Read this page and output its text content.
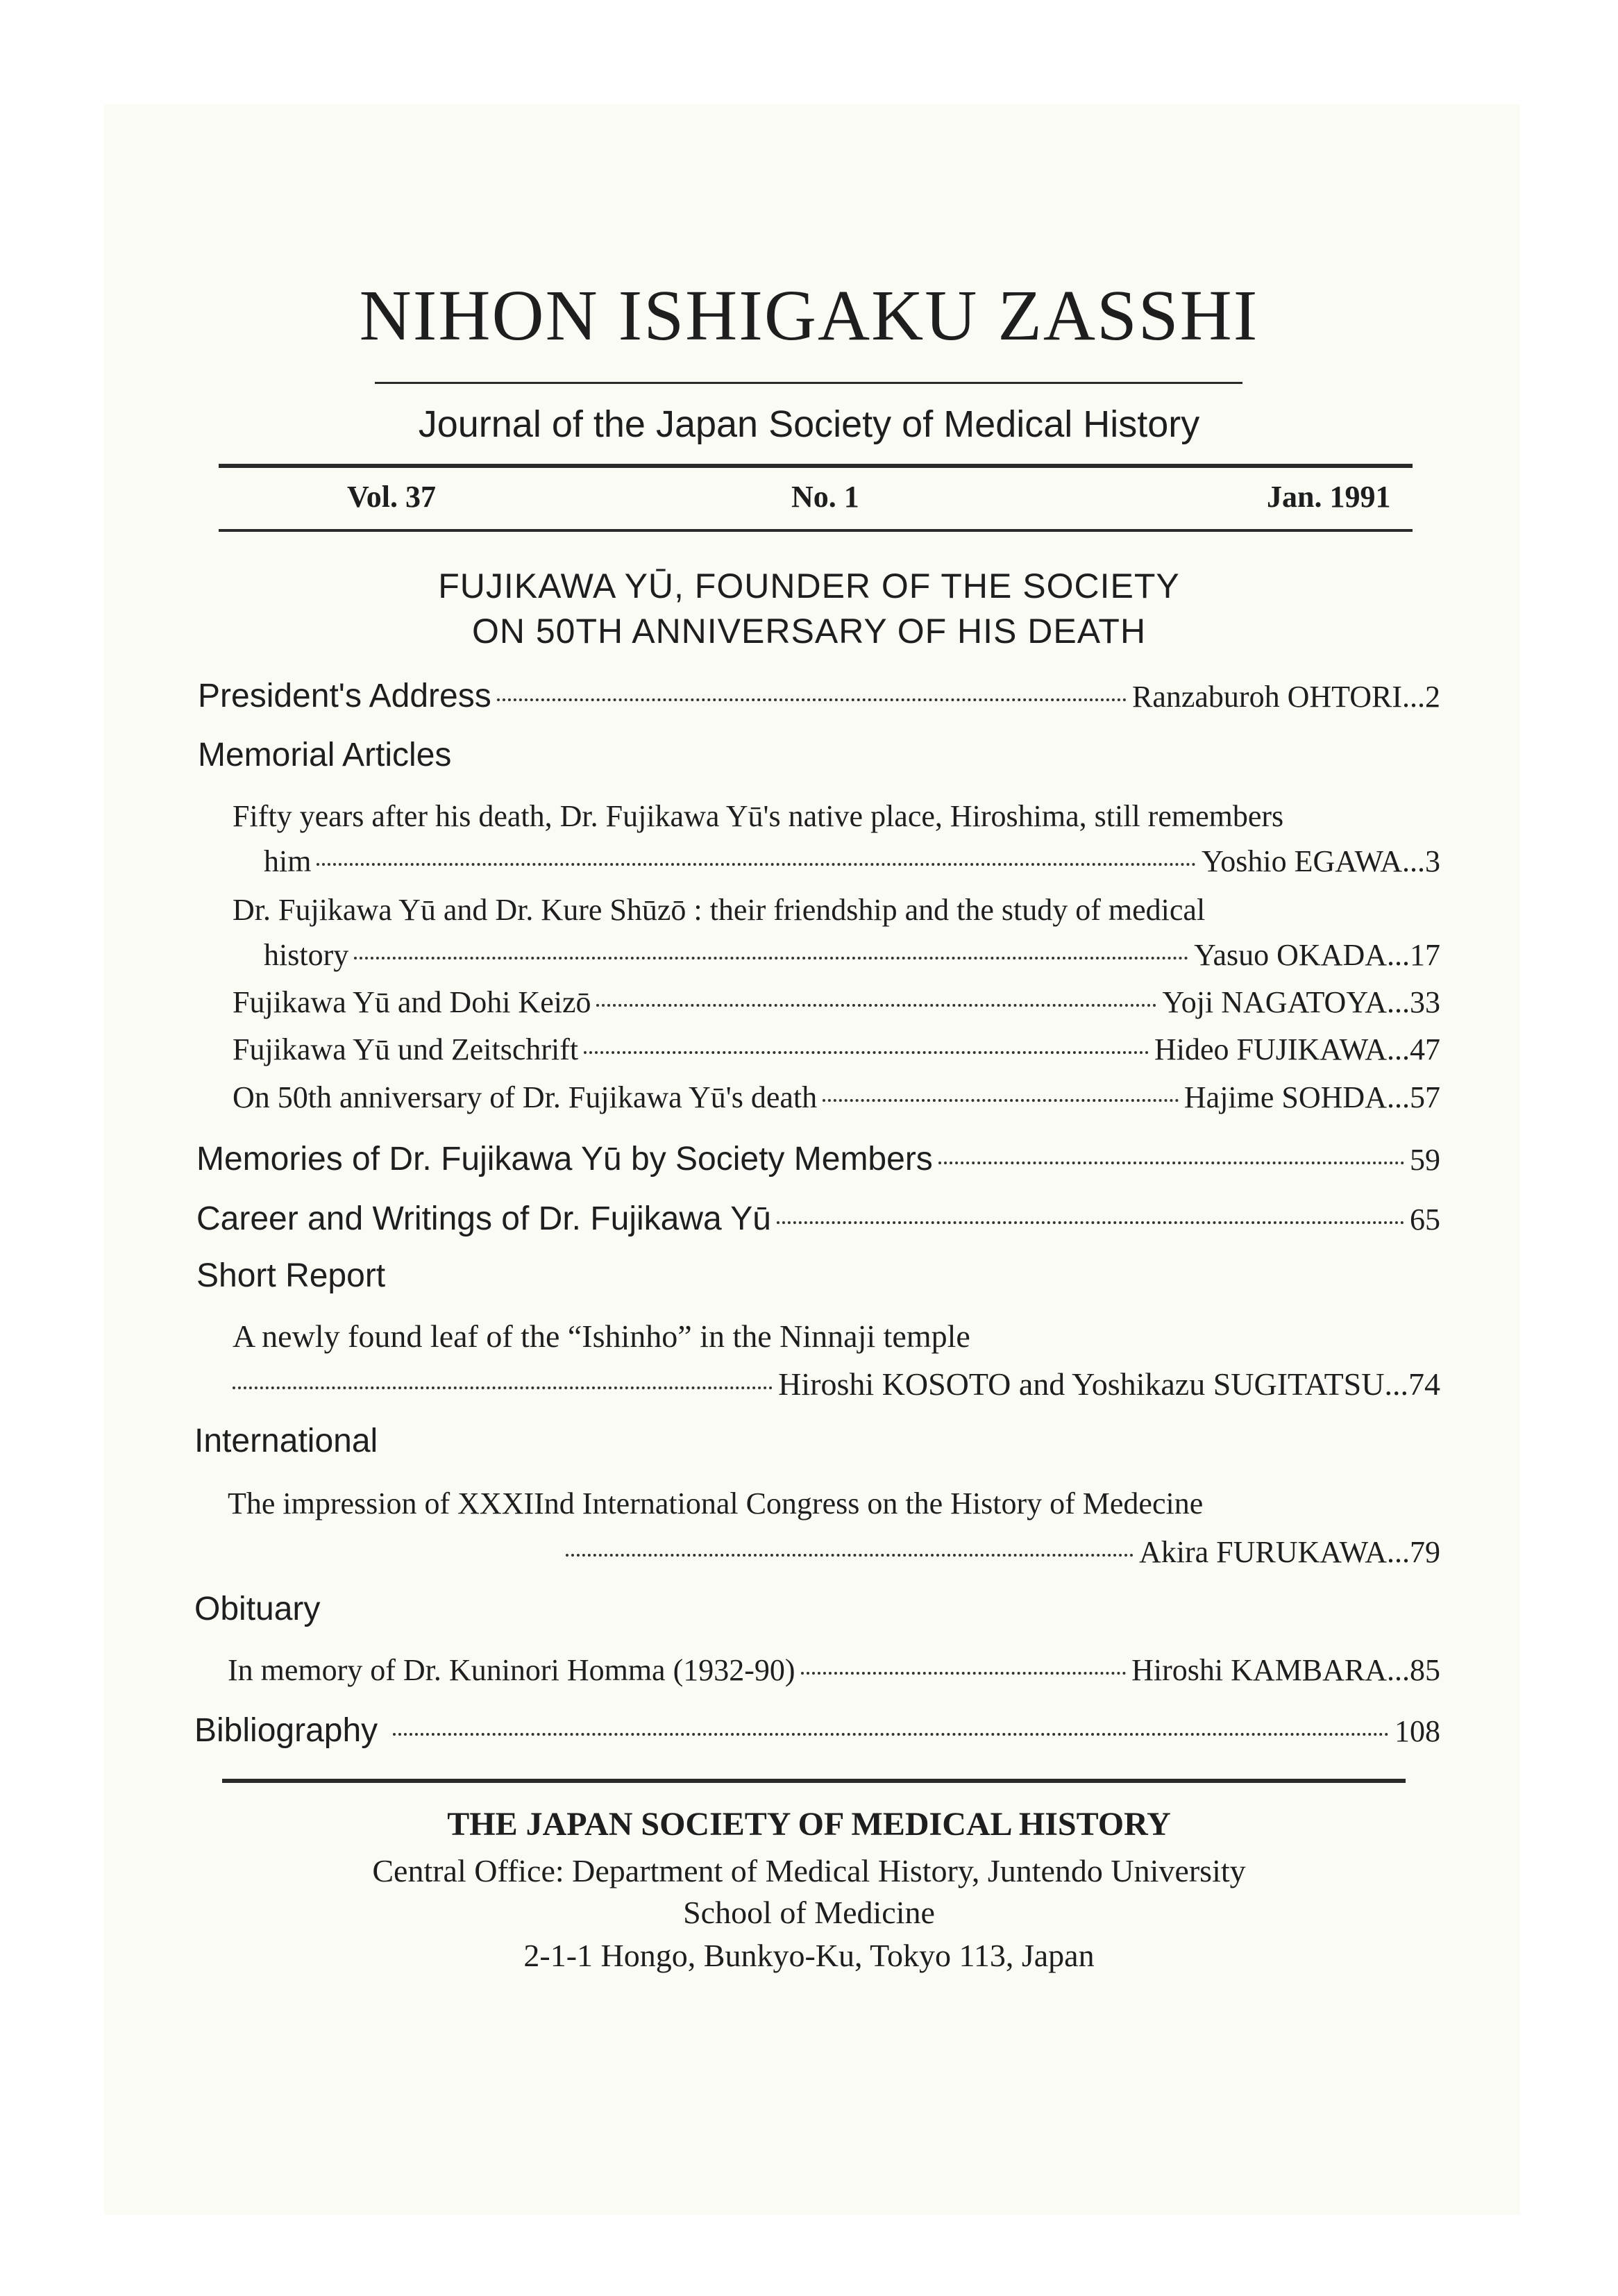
NIHON ISHIGAKU ZASSHI
Journal of the Japan Society of Medical History
Vol. 37	No. 1	Jan. 1991
FUJIKAWA YŪ, FOUNDER OF THE SOCIETY
ON 50TH ANNIVERSARY OF HIS DEATH
President's Address	Ranzaburoh OHTORI...2
Memorial Articles
Fifty years after his death, Dr. Fujikawa Yū's native place, Hiroshima, still remembers
him	Yoshio EGAWA...3
Dr. Fujikawa Yū and Dr. Kure Shūzō : their friendship and the study of medical
history	Yasuo OKADA...17
Fujikawa Yū and Dohi Keizō	Yoji NAGATOYA...33
Fujikawa Yū und Zeitschrift	Hideo FUJIKAWA...47
On 50th anniversary of Dr. Fujikawa Yū's death	Hajime SOHDA...57
Memories of Dr. Fujikawa Yū by Society Members	59
Career and Writings of Dr. Fujikawa Yū	65
Short Report
A newly found leaf of the “Ishinho” in the Ninnaji temple
Hiroshi KOSOTO and Yoshikazu SUGITATSU...74
International
The impression of XXXIInd International Congress on the History of Medecine
Akira FURUKAWA...79
Obituary
In memory of Dr. Kuninori Homma (1932-90)	Hiroshi KAMBARA...85
Bibliography	108
THE JAPAN SOCIETY OF MEDICAL HISTORY
Central Office: Department of Medical History, Juntendo University
School of Medicine
2-1-1 Hongo, Bunkyo-Ku, Tokyo 113, Japan
